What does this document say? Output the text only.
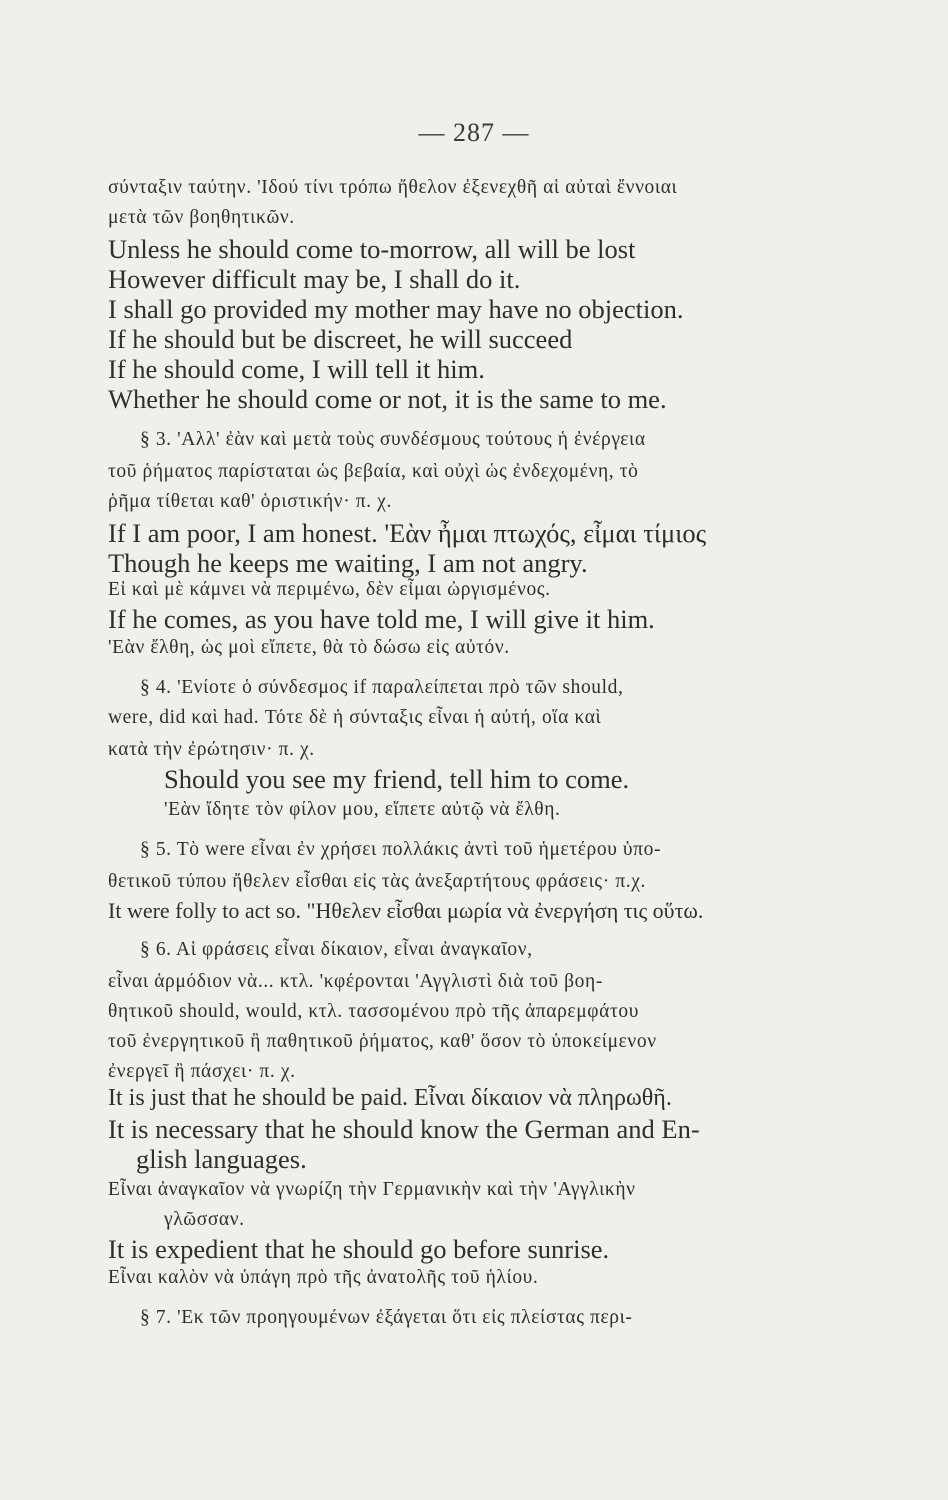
— 287 —
σύνταξιν ταύτην. 'Ιδού τίνι τρόπω ἤθελον ἐξενεχθῆ αἱ αὐταὶ ἔννοιαι
μετὰ τῶν βοηθητικῶν.
Unless he should come to-morrow, all will be lost
However difficult may be, I shall do it.
I shall go provided my mother may have no objection.
If he should but be discreet, he will succeed
If he should come, I will tell it him.
Whether he should come or not, it is the same to me.
§ 3. 'Αλλ' ἐὰν καὶ μετὰ τοὺς συνδέσμους τούτους ἡ ἐνέργεια
τοῦ ῥήματος παρίσταται ὡς βεβαία, καὶ οὐχὶ ὡς ἐνδεχομένη, τὸ
ῥῆμα τίθεται καθ' ὁριστικήν· π. χ.
If I am poor, I am honest. 'Εὰν ἦμαι πτωχός, εἶμαι τίμιος
Though he keeps me waiting, I am not angry.
Εἰ καὶ μὲ κάμνει νὰ περιμένω, δὲν εἶμαι ὠργισμένος.
If he comes, as you have told me, I will give it him.
'Εὰν ἔλθη, ὡς μοὶ εἴπετε, θὰ τὸ δώσω εἰς αὐτόν.
§ 4. 'Ενίοτε ὁ σύνδεσμος if παραλείπεται πρὸ τῶν should,
were, did καὶ had. Τότε δὲ ἡ σύνταξις εἶναι ἡ αὐτή, οἵα καὶ
κατὰ τὴν ἐρώτησιν· π. χ.
Should you see my friend, tell him to come.
'Εὰν ἴδητε τὸν φίλον μου, εἴπετε αὐτῷ νὰ ἔλθη.
§ 5. Τὸ were εἶναι ἐν χρήσει πολλάκις ἀντὶ τοῦ ἡμετέρου ὑπο-
θετικοῦ τύπου ἤθελεν εἶσθαι εἰς τὰς ἀνεξαρτήτους φράσεις· π.χ.
It were folly to act so. "Ηθελεν εἶσθαι μωρία νὰ ἐνεργήση τις οὕτω.
§ 6. Αἱ φράσεις εἶναι δίκαιον, εἶναι ἀναγκαῖον,
εἶναι ἁρμόδιον νὰ... κτλ. 'κφέρονται 'Αγγλιστὶ διὰ τοῦ βοη-
θητικοῦ should, would, κτλ. τασσομένου πρὸ τῆς ἀπαρεμφάτου
τοῦ ἐνεργητικοῦ ἢ παθητικοῦ ῥήματος, καθ' ὅσον τὸ ὑποκείμενον
ἐνεργεῖ ἢ πάσχει· π. χ.
It is just that he should be paid. Εἶναι δίκαιον νὰ πληρωθῆ.
It is necessary that he should know the German and En-
glish languages.
Εἶναι ἀναγκαῖον νὰ γνωρίζη τὴν Γερμανικὴν καὶ τὴν 'Αγγλικὴν
γλῶσσαν.
It is expedient that he should go before sunrise.
Εἶναι καλὸν νὰ ὑπάγη πρὸ τῆς ἀνατολῆς τοῦ ἡλίου.
§ 7. 'Εκ τῶν προηγουμένων ἐξάγεται ὅτι εἰς πλείστας περι-
